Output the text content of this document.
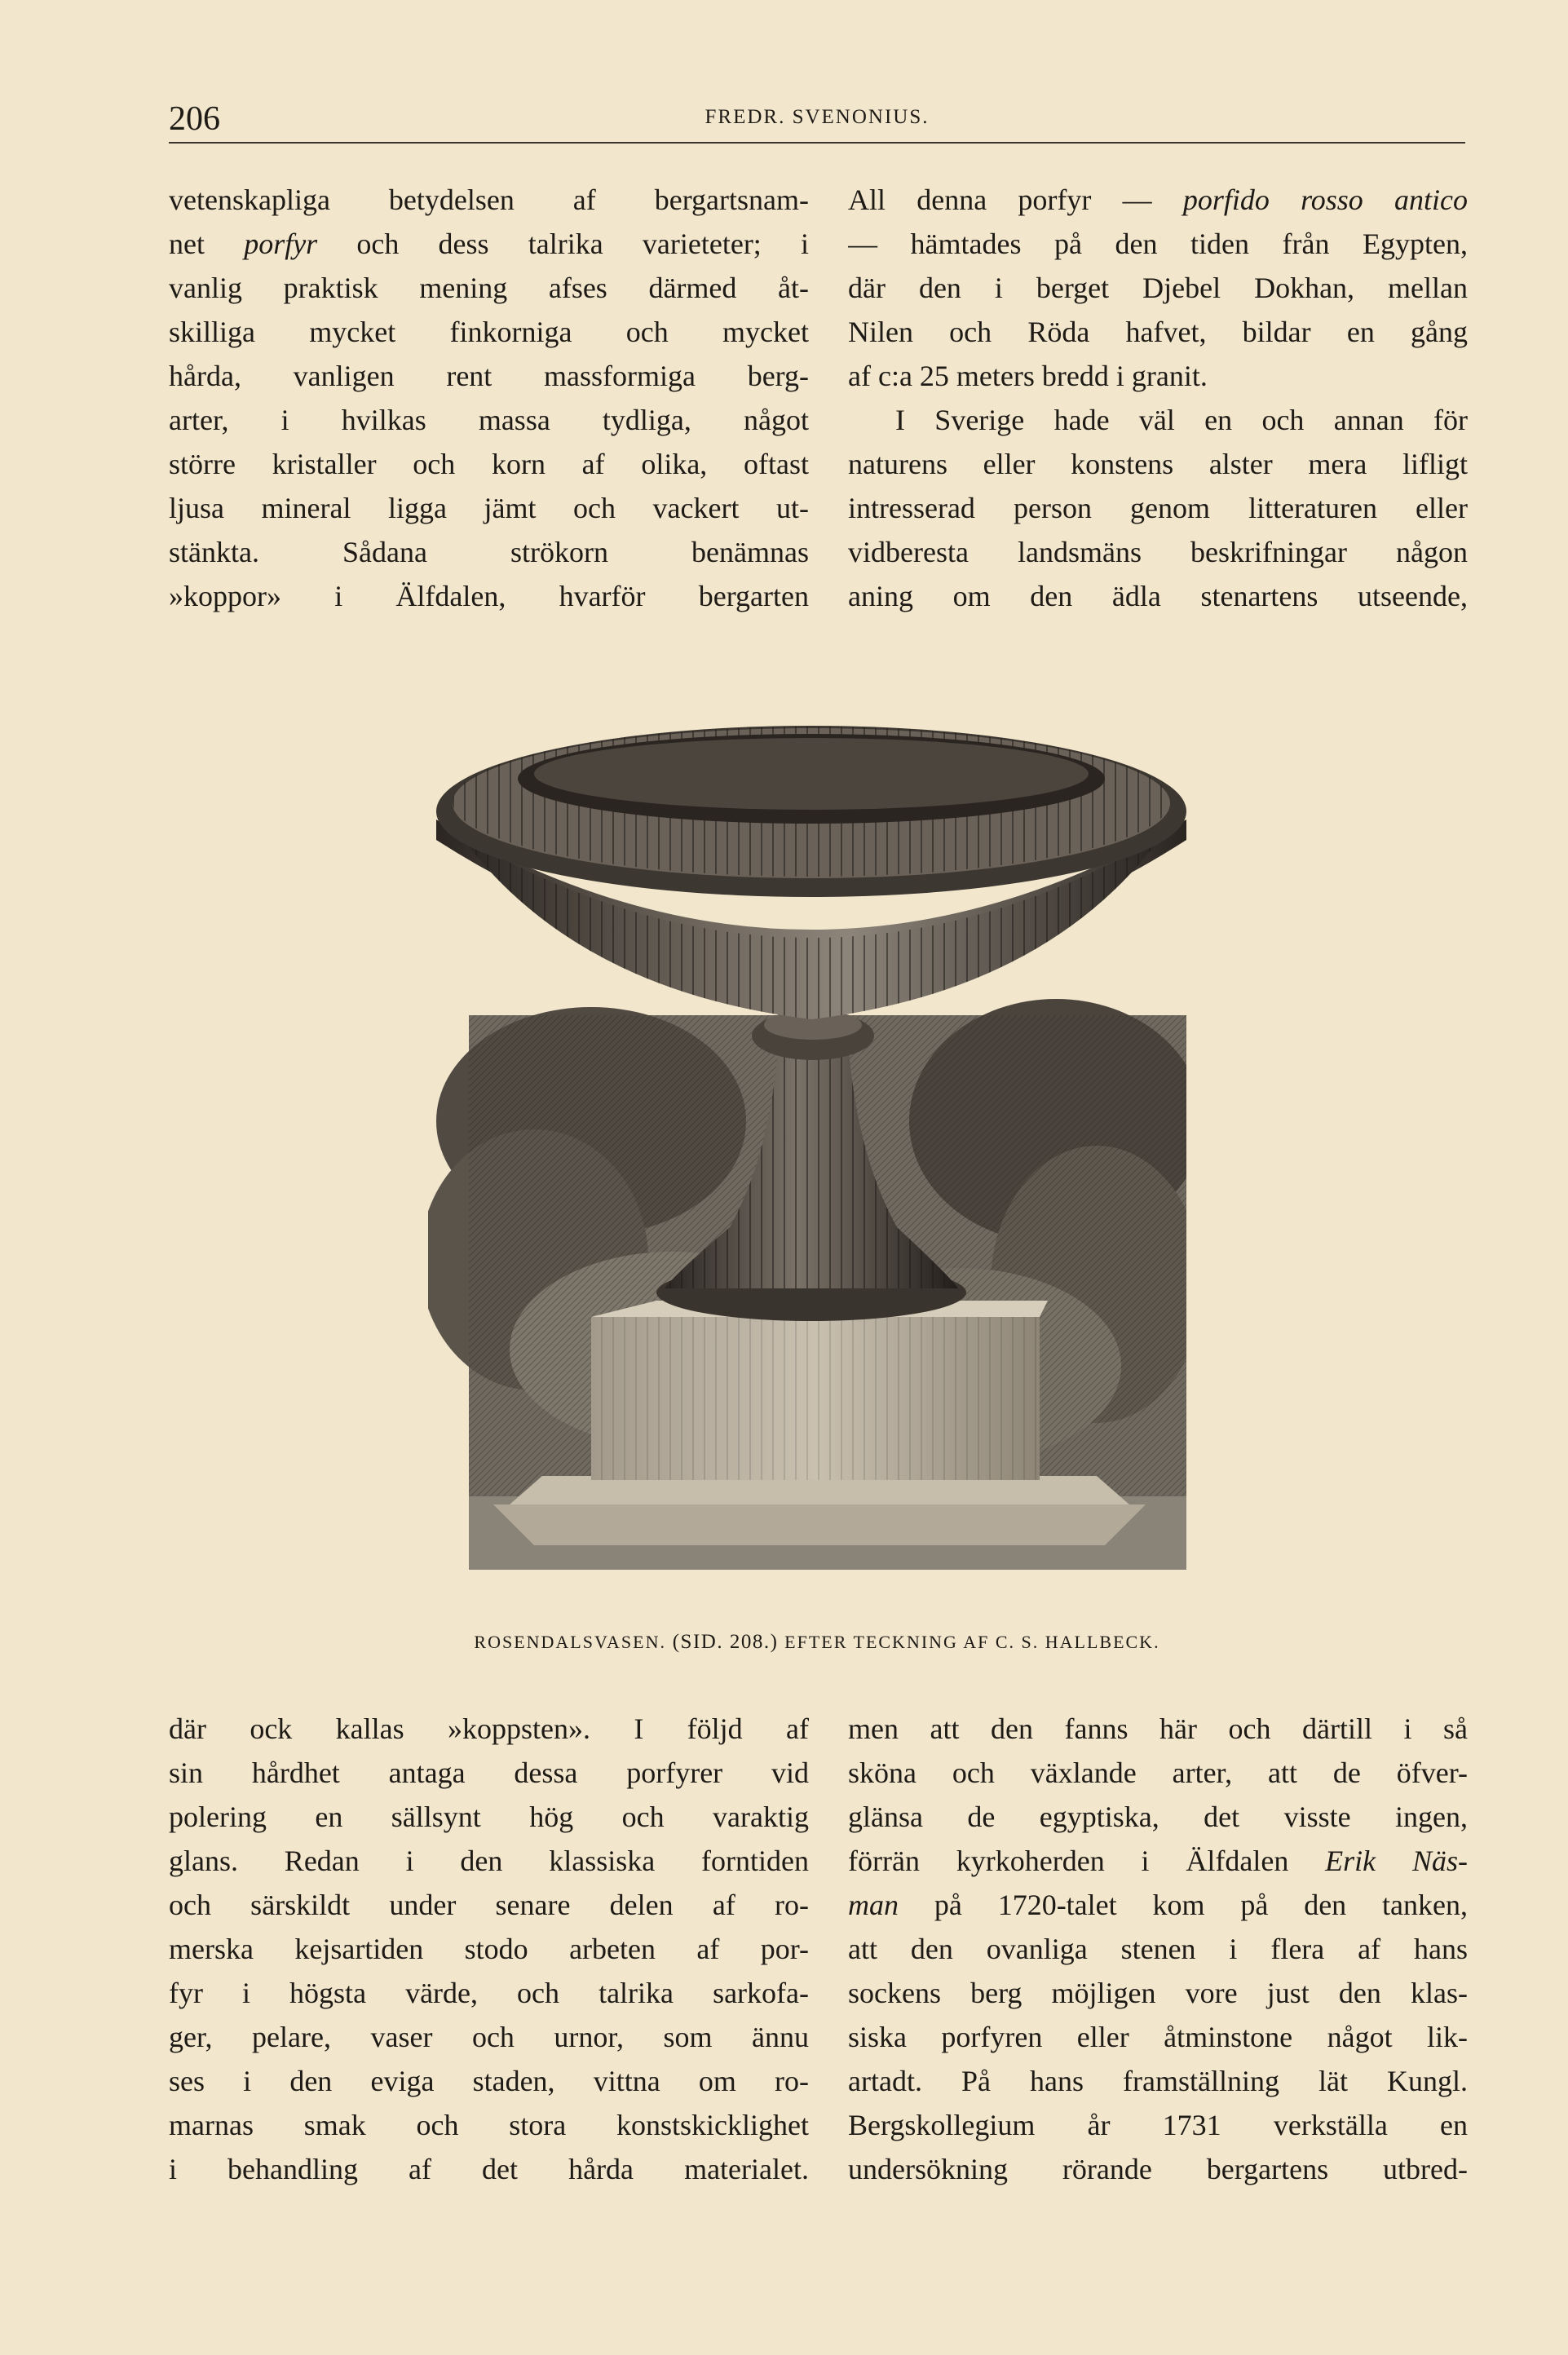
206	FREDR. SVENONIUS.
vetenskapliga betydelsen af bergartsnam-
net porfyr och dess talrika varieteter; i
vanlig praktisk mening afses därmed åt-
skilliga mycket finkorniga och mycket
hårda, vanligen rent massformiga berg-
arter, i hvilkas massa tydliga, något
större kristaller och korn af olika, oftast
ljusa mineral ligga jämt och vackert ut-
stänkta. Sådana strökorn benämnas
»koppor» i Älfdalen, hvarför bergarten
All denna porfyr — porfido rosso antico
— hämtades på den tiden från Egypten,
där den i berget Djebel Dokhan, mellan
Nilen och Röda hafvet, bildar en gång
af c:a 25 meters bredd i granit.
I Sverige hade väl en och annan för
naturens eller konstens alster mera lifligt
intresserad person genom litteraturen eller
vidberesta landsmäns beskrifningar någon
aning om den ädla stenartens utseende,
ROSENDALSVASEN. (SID. 208.) EFTER TECKNING AF C. S. HALLBECK.
där ock kallas »koppsten». I följd af
sin hårdhet antaga dessa porfyrer vid
polering en sällsynt hög och varaktig
glans. Redan i den klassiska forntiden
och särskildt under senare delen af ro-
merska kejsartiden stodo arbeten af por-
fyr i högsta värde, och talrika sarkofa-
ger, pelare, vaser och urnor, som ännu
ses i den eviga staden, vittna om ro-
marnas smak och stora konstskicklighet
i behandling af det hårda materialet.
men att den fanns här och därtill i så
sköna och växlande arter, att de öfver-
glänsa de egyptiska, det visste ingen,
förrän kyrkoherden i Älfdalen Erik Näs-
man på 1720-talet kom på den tanken,
att den ovanliga stenen i flera af hans
sockens berg möjligen vore just den klas-
siska porfyren eller åtminstone något lik-
artadt. På hans framställning lät Kungl.
Bergskollegium år 1731 verkställa en
undersökning rörande bergartens utbred-
